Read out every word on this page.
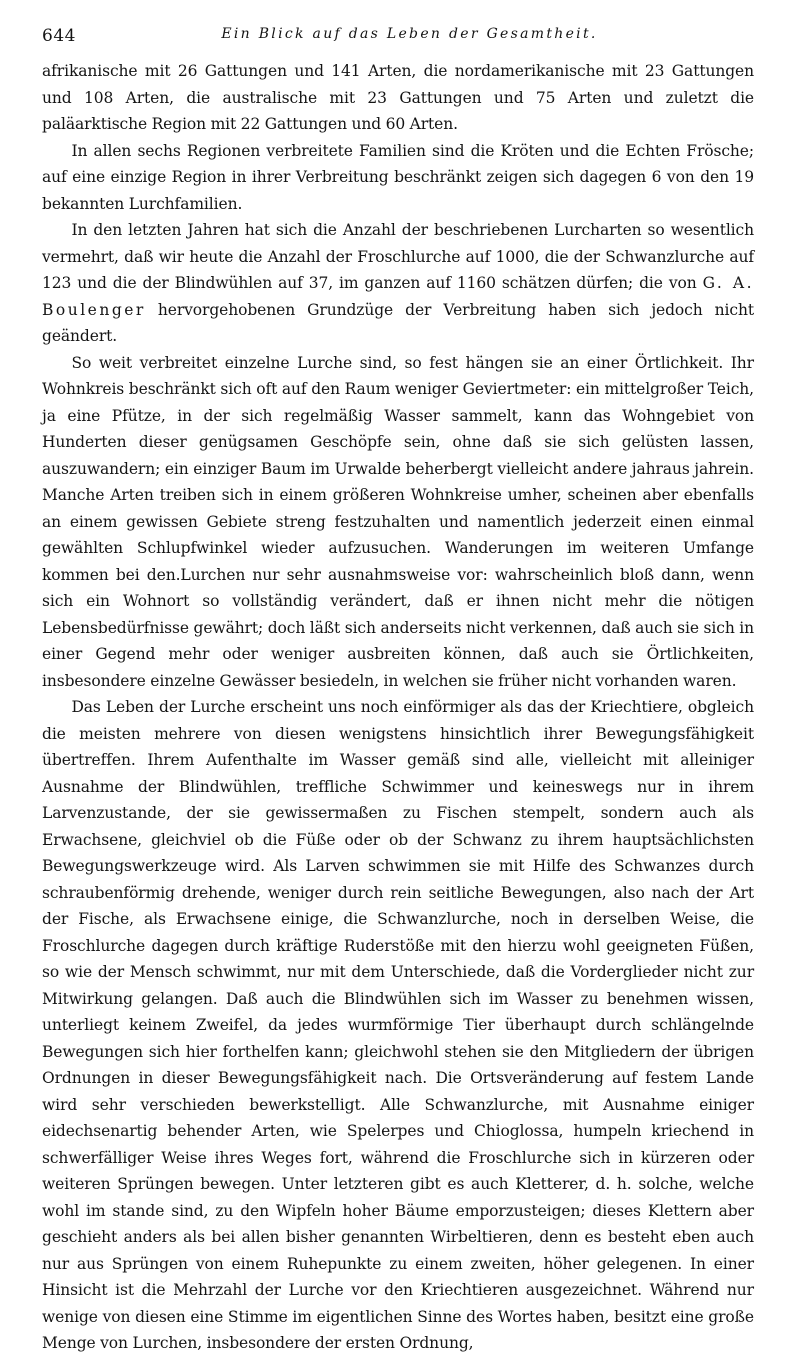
644	Ein Blick auf das Leben der Gesamtheit.

afrikanische mit 26 Gattungen und 141 Arten, die nordamerikanische mit 23 Gattungen und 108 Arten, die australische mit 23 Gattungen und 75 Arten und zuletzt die paläarktische Region mit 22 Gattungen und 60 Arten.

In allen sechs Regionen verbreitete Familien sind die Kröten und die Echten Frösche; auf eine einzige Region in ihrer Verbreitung beschränkt zeigen sich dagegen 6 von den 19 bekannten Lurchfamilien.

In den letzten Jahren hat sich die Anzahl der beschriebenen Lurcharten so wesentlich vermehrt, daß wir heute die Anzahl der Froschlurche auf 1000, die der Schwanzlurche auf 123 und die der Blindwühlen auf 37, im ganzen auf 1160 schätzen dürfen; die von G. A. Boulenger hervorgehobenen Grundzüge der Verbreitung haben sich jedoch nicht geändert.

So weit verbreitet einzelne Lurche sind, so fest hängen sie an einer Örtlichkeit. Ihr Wohnkreis beschränkt sich oft auf den Raum weniger Geviertmeter: ein mittelgroßer Teich, ja eine Pfütze, in der sich regelmäßig Wasser sammelt, kann das Wohngebiet von Hunderten dieser genügsamen Geschöpfe sein, ohne daß sie sich gelüsten lassen, auszuwandern; ein einziger Baum im Urwalde beherbergt vielleicht andere jahraus jahrein. Manche Arten treiben sich in einem größeren Wohnkreise umher, scheinen aber ebenfalls an einem gewissen Gebiete streng festzuhalten und namentlich jederzeit einen einmal gewählten Schlupfwinkel wieder aufzusuchen. Wanderungen im weiteren Umfange kommen bei den.Lurchen nur sehr ausnahmsweise vor: wahrscheinlich bloß dann, wenn sich ein Wohnort so vollständig verändert, daß er ihnen nicht mehr die nötigen Lebensbedürfnisse gewährt; doch läßt sich anderseits nicht verkennen, daß auch sie sich in einer Gegend mehr oder weniger ausbreiten können, daß auch sie Örtlichkeiten, insbesondere einzelne Gewässer besiedeln, in welchen sie früher nicht vorhanden waren.

Das Leben der Lurche erscheint uns noch einförmiger als das der Kriechtiere, obgleich die meisten mehrere von diesen wenigstens hinsichtlich ihrer Bewegungsfähigkeit übertreffen. Ihrem Aufenthalte im Wasser gemäß sind alle, vielleicht mit alleiniger Ausnahme der Blindwühlen, treffliche Schwimmer und keineswegs nur in ihrem Larvenzustande, der sie gewissermaßen zu Fischen stempelt, sondern auch als Erwachsene, gleichviel ob die Füße oder ob der Schwanz zu ihrem hauptsächlichsten Bewegungswerkzeuge wird. Als Larven schwimmen sie mit Hilfe des Schwanzes durch schraubenförmig drehende, weniger durch rein seitliche Bewegungen, also nach der Art der Fische, als Erwachsene einige, die Schwanzlurche, noch in derselben Weise, die Froschlurche dagegen durch kräftige Ruderstöße mit den hierzu wohl geeigneten Füßen, so wie der Mensch schwimmt, nur mit dem Unterschiede, daß die Vorderglieder nicht zur Mitwirkung gelangen. Daß auch die Blindwühlen sich im Wasser zu benehmen wissen, unterliegt keinem Zweifel, da jedes wurmförmige Tier überhaupt durch schlängelnde Bewegungen sich hier forthelfen kann; gleichwohl stehen sie den Mitgliedern der übrigen Ordnungen in dieser Bewegungsfähigkeit nach. Die Ortsveränderung auf festem Lande wird sehr verschieden bewerkstelligt. Alle Schwanzlurche, mit Ausnahme einiger eidechsenartig behender Arten, wie Spelerpes und Chioglossa, humpeln kriechend in schwerfälliger Weise ihres Weges fort, während die Froschlurche sich in kürzeren oder weiteren Sprüngen bewegen. Unter letzteren gibt es auch Kletterer, d. h. solche, welche wohl im stande sind, zu den Wipfeln hoher Bäume emporzusteigen; dieses Klettern aber geschieht anders als bei allen bisher genannten Wirbeltieren, denn es besteht eben auch nur aus Sprüngen von einem Ruhepunkte zu einem zweiten, höher gelegenen. In einer Hinsicht ist die Mehrzahl der Lurche vor den Kriechtieren ausgezeichnet. Während nur wenige von diesen eine Stimme im eigentlichen Sinne des Wortes haben, besitzt eine große Menge von Lurchen, insbesondere der ersten Ordnung,
